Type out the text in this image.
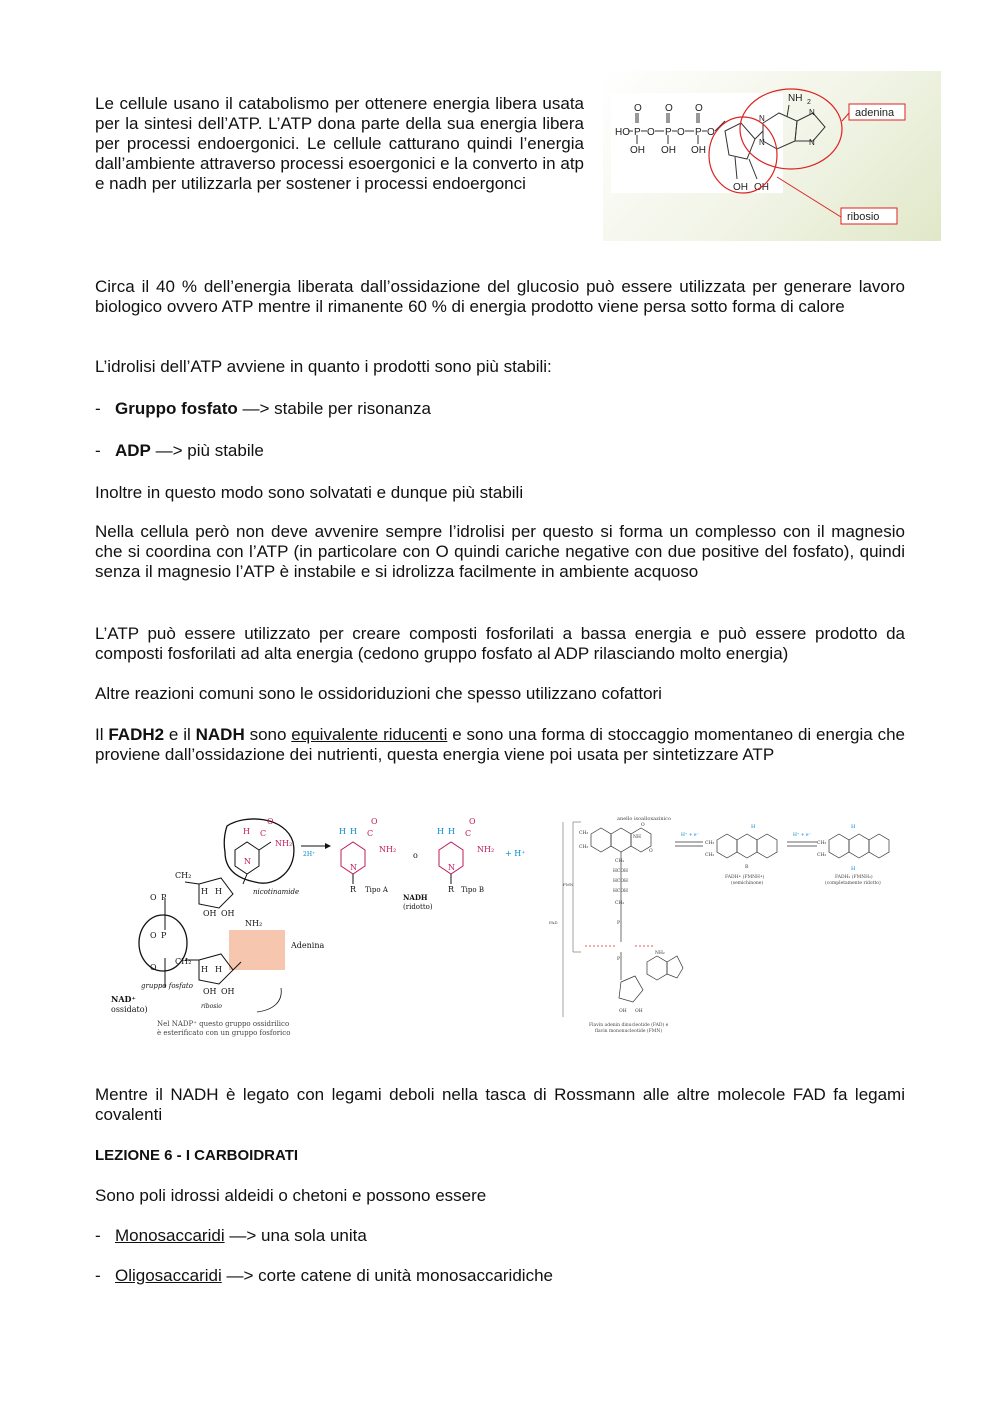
Le cellule usano il catabolismo per ottenere energia libera usata per la sintesi dell’ATP. L’ATP dona parte della sua energia libera per processi endoergonici. Le cellule catturano quindi l’energia dall’ambiente attraverso processi esoergonici e la converto in atp e nadh per utilizzarla per sostener i processi endoergonci

HO O O O
P P P
O O O
OH OH OH
OH OH
NH 2
N
N
N
N
adenina
ribosio

Circa il 40 % dell’energia liberata dall’ossidazione del glucosio può essere utilizzata per generare lavoro biologico ovvero ATP mentre il rimanente 60 % di energia prodotto viene persa sotto forma di calore

L’idrolisi dell’ATP avviene in quanto i prodotti sono più stabili:

- Gruppo fosfato —> stabile per risonanza

- ADP —> più stabile

Inoltre in questo modo sono solvatati e dunque più stabili

Nella cellula però non deve avvenire sempre l’idrolisi per questo si forma un complesso con il magnesio che si coordina con l’ATP (in particolare con O quindi cariche negative con due positive del fosfato), quindi senza il magnesio l’ATP è instabile e si idrolizza facilmente in ambiente acquoso

L’ATP può essere utilizzato per creare composti fosforilati a bassa energia e può essere prodotto da composti fosforilati ad alta energia (cedono gruppo fosfato al ADP rilasciando molto energia)

Altre reazioni comuni sono le ossidoriduzioni che spesso utilizzano cofattori

Il FADH2 e il NADH sono equivalente riducenti e sono una forma di stoccaggio momentaneo di energia che proviene dall’ossidazione dei nutrienti, questa energia viene poi usata per sintetizzare ATP

H C
O
NH₂
N
CH₂
CH₂
O P
O P
O
OH OH
OH OH
H H
H H
NH₂
Adenina
NAD⁺
ossidato)
nicotinamide
gruppo fosfato
ribosio
Nel NADP⁺ questo gruppo ossidrilico
è esterificato con un gruppo fosforico
2H⁺
H H C
O
NH₂
N
R Tipo A
o
NADH
(ridotto)
H H C
O
NH₂
N
R Tipo B
+ H⁺
FMN
FAD
anello isoalloxazinico
CH₃
CH₃
NH
O
O
CH₂
HCOH
HCOH
HCOH
CH₂
P
P
NH₂
OH OH
Flavin adenin dinucleotide (FAD) e
flavin mononucleotide (FMN)
H⁺ + e⁻	H⁺ + e⁻
H
CH₃
CH₃
R
FADH• (FMNH•)
(semichinone)
H
H
CH₃
CH₃
FADH₂ (FMNH₂)
(completamente ridotto)

Mentre il NADH è legato con legami deboli nella tasca di Rossmann alle altre molecole FAD fa legami covalenti

LEZIONE 6 - I CARBOIDRATI

Sono poli idrossi aldeidi o chetoni e possono essere

- Monosaccaridi —> una sola unita

- Oligosaccaridi —> corte catene di unità monosaccaridiche
